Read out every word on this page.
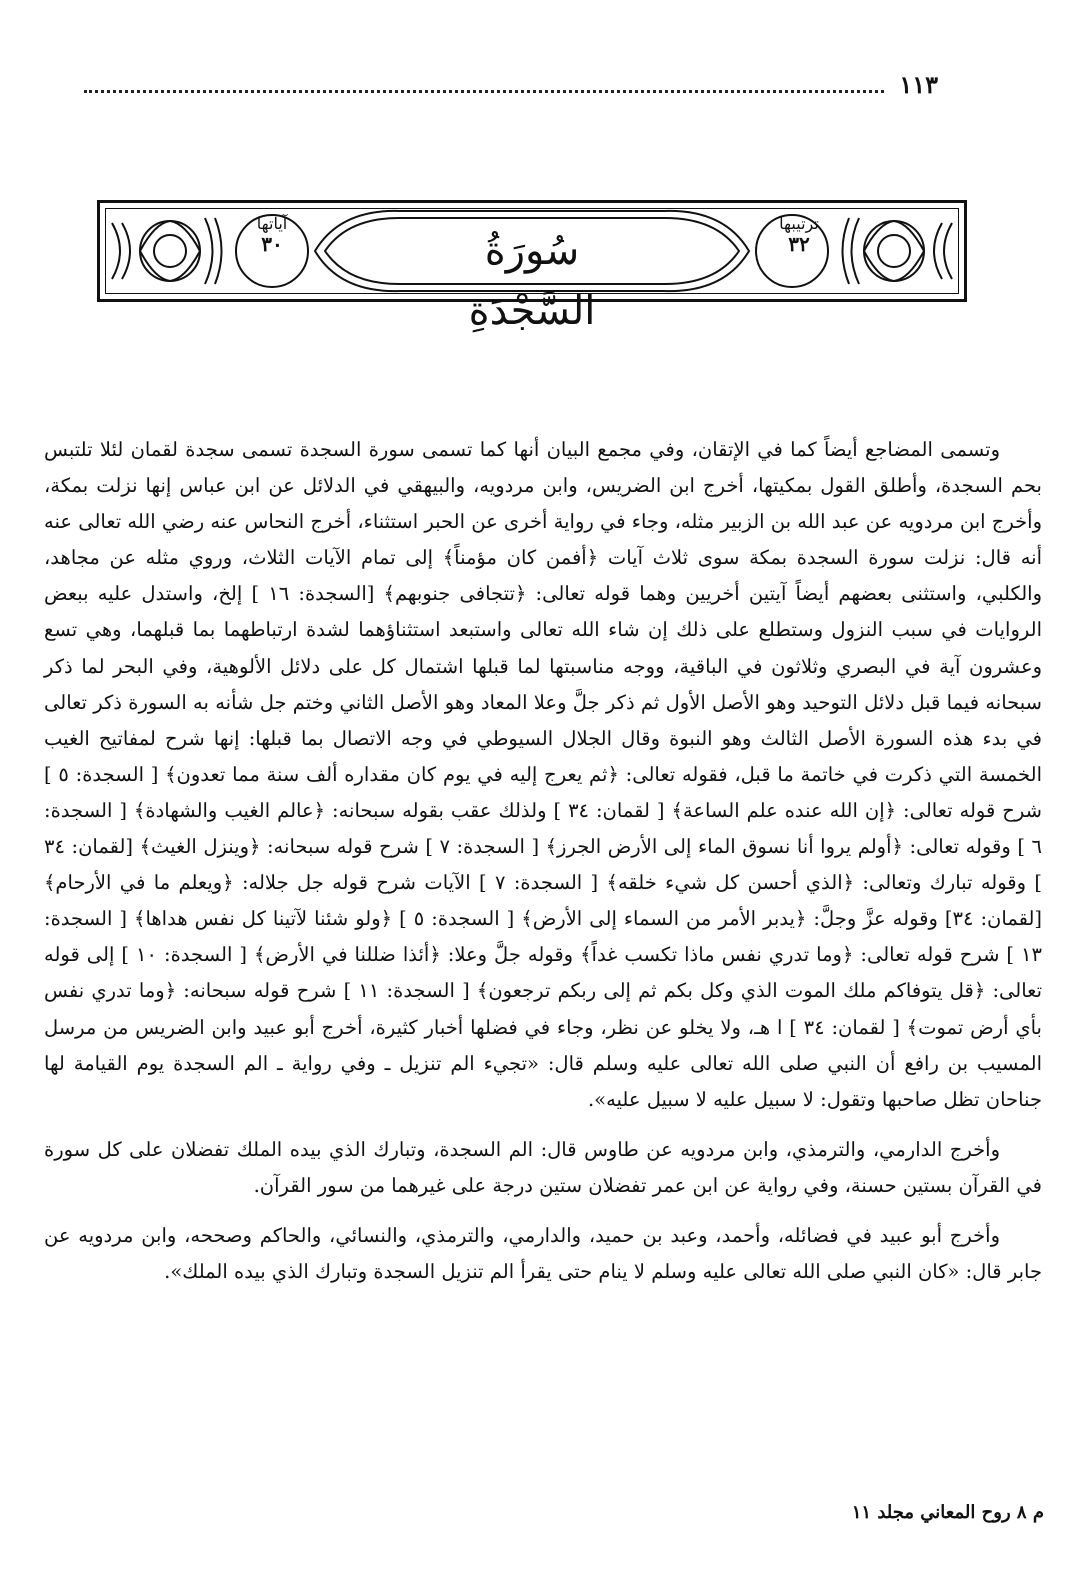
١١٣
آياتها
٣٠	سُورَةُ السَّجْدَةِ
ترتيبها
٣٢

وتسمى المضاجع أيضاً كما في الإتقان، وفي مجمع البيان أنها كما تسمى سورة السجدة تسمى سجدة لقمان لئلا تلتبس بحم السجدة، وأطلق القول بمكيتها، أخرج ابن الضريس، وابن مردويه، والبيهقي في الدلائل عن ابن عباس إنها نزلت بمكة، وأخرج ابن مردويه عن عبد الله بن الزبير مثله، وجاء في رواية أخرى عن الحبر استثناء، أخرج النحاس عنه رضي الله تعالى عنه أنه قال: نزلت سورة السجدة بمكة سوى ثلاث آيات ﴿أفمن كان مؤمناً﴾ إلى تمام الآيات الثلاث، وروي مثله عن مجاهد، والكلبي، واستثنى بعضهم أيضاً آيتين أخريين وهما قوله تعالى: ﴿تتجافى جنوبهم﴾ [السجدة: ١٦ ] إلخ، واستدل عليه ببعض الروايات في سبب النزول وستطلع على ذلك إن شاء الله تعالى واستبعد استثناؤهما لشدة ارتباطهما بما قبلهما، وهي تسع وعشرون آية في البصري وثلاثون في الباقية، ووجه مناسبتها لما قبلها اشتمال كل على دلائل الألوهية، وفي البحر لما ذكر سبحانه فيما قبل دلائل التوحيد وهو الأصل الأول ثم ذكر جلَّ وعلا المعاد وهو الأصل الثاني وختم جل شأنه به السورة ذكر تعالى في بدء هذه السورة الأصل الثالث وهو النبوة وقال الجلال السيوطي في وجه الاتصال بما قبلها: إنها شرح لمفاتيح الغيب الخمسة التي ذكرت في خاتمة ما قبل، فقوله تعالى: ﴿ثم يعرج إليه في يوم كان مقداره ألف سنة مما تعدون﴾ [ السجدة: ٥ ] شرح قوله تعالى: ﴿إن الله عنده علم الساعة﴾ [ لقمان: ٣٤ ] ولذلك عقب بقوله سبحانه: ﴿عالم الغيب والشهادة﴾ [ السجدة: ٦ ] وقوله تعالى: ﴿أولم يروا أنا نسوق الماء إلى الأرض الجرز﴾ [ السجدة: ٧ ] شرح قوله سبحانه: ﴿وينزل الغيث﴾ [لقمان: ٣٤ ] وقوله تبارك وتعالى: ﴿الذي أحسن كل شيء خلقه﴾ [ السجدة: ٧ ] الآيات شرح قوله جل جلاله: ﴿ويعلم ما في الأرحام﴾ [لقمان: ٣٤] وقوله عزَّ وجلَّ: ﴿يدبر الأمر من السماء إلى الأرض﴾ [ السجدة: ٥ ] ﴿ولو شئنا لآتينا كل نفس هداها﴾ [ السجدة: ١٣ ] شرح قوله تعالى: ﴿وما تدري نفس ماذا تكسب غداً﴾ وقوله جلَّ وعلا: ﴿أئذا ضللنا في الأرض﴾ [ السجدة: ١٠ ] إلى قوله تعالى: ﴿قل يتوفاكم ملك الموت الذي وكل بكم ثم إلى ربكم ترجعون﴾ [ السجدة: ١١ ] شرح قوله سبحانه: ﴿وما تدري نفس بأي أرض تموت﴾ [ لقمان: ٣٤ ] ا هـ، ولا يخلو عن نظر، وجاء في فضلها أخبار كثيرة، أخرج أبو عبيد وابن الضريس من مرسل المسيب بن رافع أن النبي صلى الله تعالى عليه وسلم قال: «تجيء الم تنزيل ـ وفي رواية ـ الم السجدة يوم القيامة لها جناحان تظل صاحبها وتقول: لا سبيل عليه لا سبيل عليه».

وأخرج الدارمي، والترمذي، وابن مردويه عن طاوس قال: الم السجدة، وتبارك الذي بيده الملك تفضلان على كل سورة في القرآن بستين حسنة، وفي رواية عن ابن عمر تفضلان ستين درجة على غيرهما من سور القرآن.

وأخرج أبو عبيد في فضائله، وأحمد، وعبد بن حميد، والدارمي، والترمذي، والنسائي، والحاكم وصححه، وابن مردويه عن جابر قال: «كان النبي صلى الله تعالى عليه وسلم لا ينام حتى يقرأ الم تنزيل السجدة وتبارك الذي بيده الملك».

م ٨ روح المعاني مجلد ١١
